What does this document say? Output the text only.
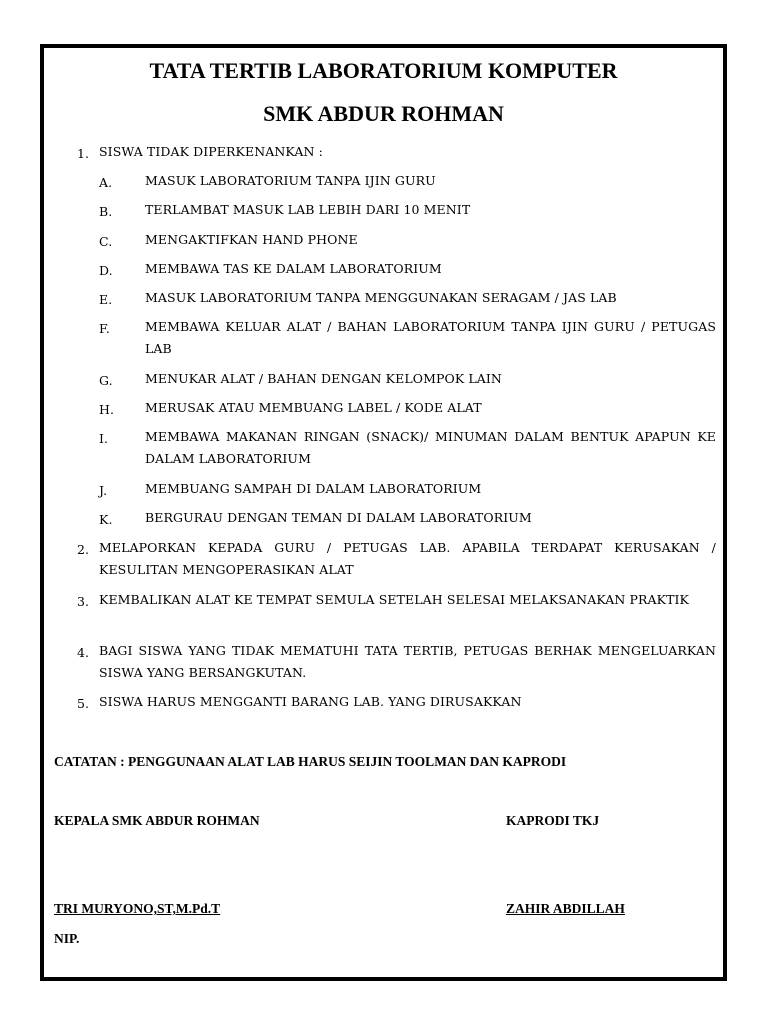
TATA TERTIB LABORATORIUM KOMPUTER
SMK ABDUR ROHMAN
1. SISWA TIDAK DIPERKENANKAN :
A.	MASUK LABORATORIUM TANPA IJIN GURU
B.	TERLAMBAT MASUK LAB LEBIH DARI 10 MENIT
C.	MENGAKTIFKAN HAND PHONE
D.	MEMBAWA TAS KE DALAM LABORATORIUM
E.	MASUK LABORATORIUM TANPA MENGGUNAKAN SERAGAM / JAS LAB
F.	MEMBAWA KELUAR ALAT / BAHAN LABORATORIUM TANPA IJIN GURU / PETUGAS LAB
G.	MENUKAR ALAT / BAHAN DENGAN KELOMPOK LAIN
H.	MERUSAK ATAU MEMBUANG LABEL / KODE ALAT
I.	MEMBAWA MAKANAN RINGAN (SNACK)/ MINUMAN DALAM BENTUK APAPUN KE DALAM LABORATORIUM
J.	MEMBUANG SAMPAH DI DALAM LABORATORIUM
K.	BERGURAU DENGAN TEMAN DI DALAM LABORATORIUM
2. MELAPORKAN KEPADA GURU / PETUGAS LAB. APABILA TERDAPAT KERUSAKAN / KESULITAN MENGOPERASIKAN ALAT
3. KEMBALIKAN ALAT KE TEMPAT SEMULA SETELAH SELESAI MELAKSANAKAN PRAKTIK
4. BAGI SISWA YANG TIDAK MEMATUHI TATA TERTIB, PETUGAS BERHAK MENGELUARKAN SISWA YANG BERSANGKUTAN.
5. SISWA HARUS MENGGANTI BARANG LAB. YANG DIRUSAKKAN
CATATAN : PENGGUNAAN ALAT LAB HARUS SEIJIN TOOLMAN DAN KAPRODI
KEPALA SMK ABDUR ROHMAN	KAPRODI TKJ
TRI MURYONO,ST,M.Pd.T	ZAHIR ABDILLAH
NIP.
